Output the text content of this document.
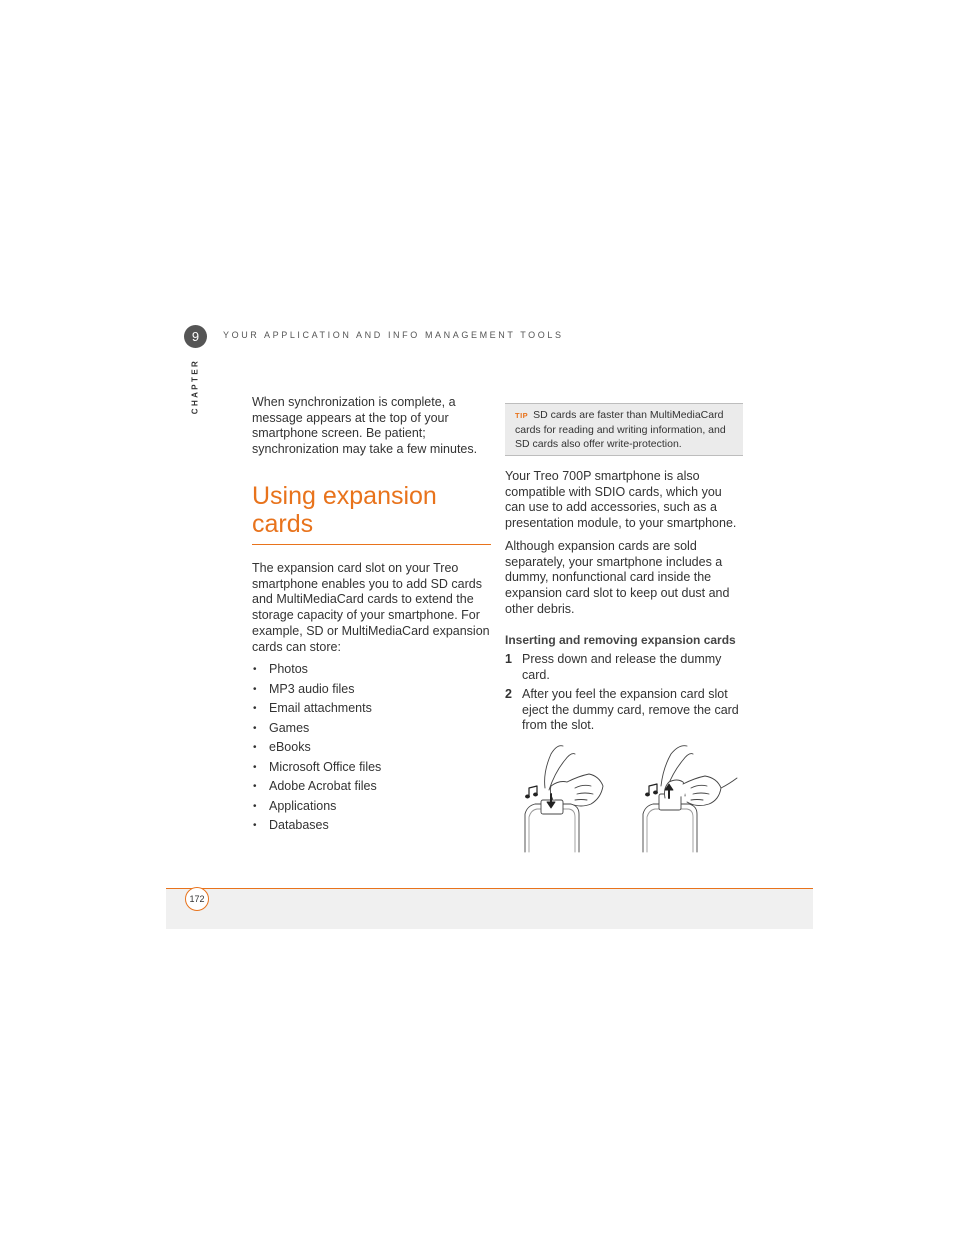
9	YOUR APPLICATION AND INFO MANAGEMENT TOOLS
CHAPTER	When synchronization is complete, a message appears at the top of your smartphone screen. Be patient; synchronization may take a few minutes.
Using expansion cards
The expansion card slot on your Treo smartphone enables you to add SD cards and MultiMediaCard cards to extend the storage capacity of your smartphone. For example, SD or MultiMediaCard expansion cards can store:
• Photos
• MP3 audio files
• Email attachments
• Games
• eBooks
• Microsoft Office files
• Adobe Acrobat files
• Applications
• Databases
TIP SD cards are faster than MultiMediaCard cards for reading and writing information, and SD cards also offer write-protection.
Your Treo 700P smartphone is also compatible with SDIO cards, which you can use to add accessories, such as a presentation module, to your smartphone.
Although expansion cards are sold separately, your smartphone includes a dummy, nonfunctional card inside the expansion card slot to keep out dust and other debris.
Inserting and removing expansion cards
1 Press down and release the dummy card.
2 After you feel the expansion card slot eject the dummy card, remove the card from the slot.
172
